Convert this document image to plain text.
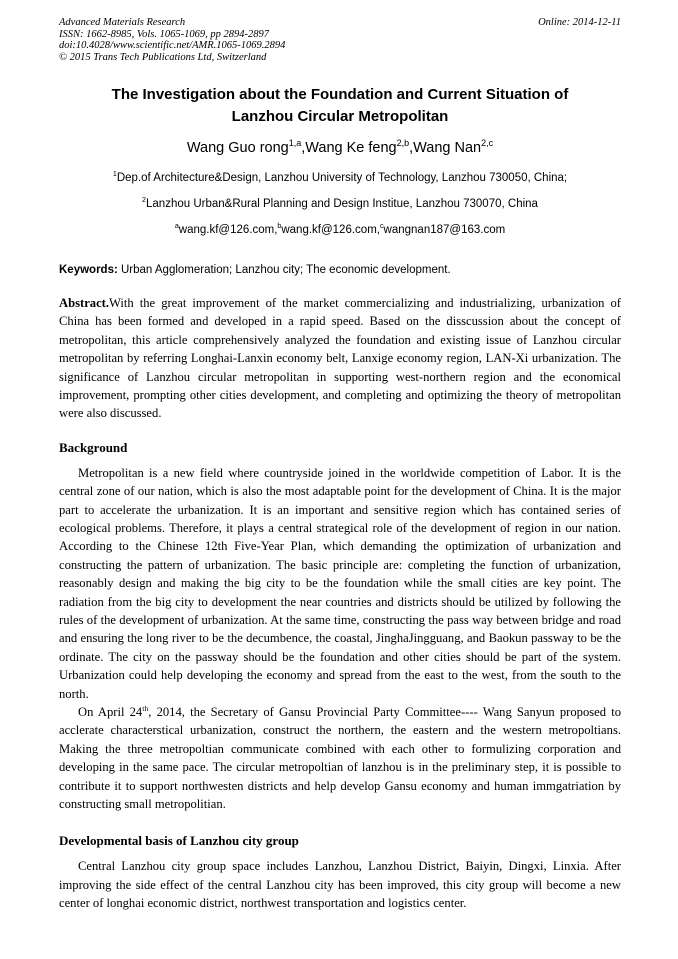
Advanced Materials Research
ISSN: 1662-8985, Vols. 1065-1069, pp 2894-2897
doi:10.4028/www.scientific.net/AMR.1065-1069.2894
© 2015 Trans Tech Publications Ltd, Switzerland
Online: 2014-12-11
The Investigation about the Foundation and Current Situation of Lanzhou Circular Metropolitan
Wang Guo rong$^{1,a}$,Wang Ke feng$^{2,b}$,Wang Nan$^{2,c}$
$^1$Dep.of Architecture&Design, Lanzhou University of Technology, Lanzhou 730050, China;
$^2$Lanzhou Urban&Rural Planning and Design Institue, Lanzhou 730070, China
$^a$wang.kf@126.com,$^b$wang.kf@126.com,$^c$wangnan187@163.com
Keywords: Urban Agglomeration; Lanzhou city; The economic development.
Abstract.With the great improvement of the market commercializing and industrializing, urbanization of China has been formed and developed in a rapid speed. Based on the disscussion about the concept of metropolitan, this article comprehensively analyzed the foundation and existing issue of Lanzhou circular metropolitan by referring Longhai-Lanxin economy belt, Lanxige economy region, LAN-Xi urbanization. The significance of Lanzhou circular metropolitan in supporting west-northern region and the economical improvement, prompting other cities development, and completing and optimizing the theory of metropolitan were also discussed.
Background
Metropolitan is a new field where countryside joined in the worldwide competition of Labor. It is the central zone of our nation, which is also the most adaptable point for the development of China. It is the major part to accelerate the urbanization. It is an important and sensitive region which has contained series of ecological problems. Therefore, it plays a central strategical role of the development of region in our nation. According to the Chinese 12th Five-Year Plan, which demanding the optimization of urbanization and constructing the pattern of urbanization. The basic principle are: completing the function of urbanization, reasonably design and making the big city to be the foundation while the small cities are key point. The radiation from the big city to development the near countries and districts should be utilized by following the rules of the development of urbanization. At the same time, constructing the pass way between bridge and road and ensuring the long river to be the decumbence, the coastal, JinghaJingguang, and Baokun passway to be the ordinate. The city on the passway should be the foundation and other cities should be part of the system. Urbanization could help developing the economy and spread from the east to the west, from the south to the north.
On April 24th, 2014, the Secretary of Gansu Provincial Party Committee---- Wang Sanyun proposed to acclerate characterstical urbanization, construct the northern, the eastern and the western metropoltians. Making the three metropoltian communicate combined with each other to formulizing corporation and developing in the same pace. The circular metropoltian of lanzhou is in the preliminary step, it is possible to contribute it to support northwesten districts and help develop Gansu economy and human immgatriation by constructing small metropolitian.
Developmental basis of Lanzhou city group
Central Lanzhou city group space includes Lanzhou, Lanzhou District, Baiyin, Dingxi, Linxia. After improving the side effect of the central Lanzhou city has been improved, this city group will become a new center of longhai economic district, northwest transportation and logistics center.
